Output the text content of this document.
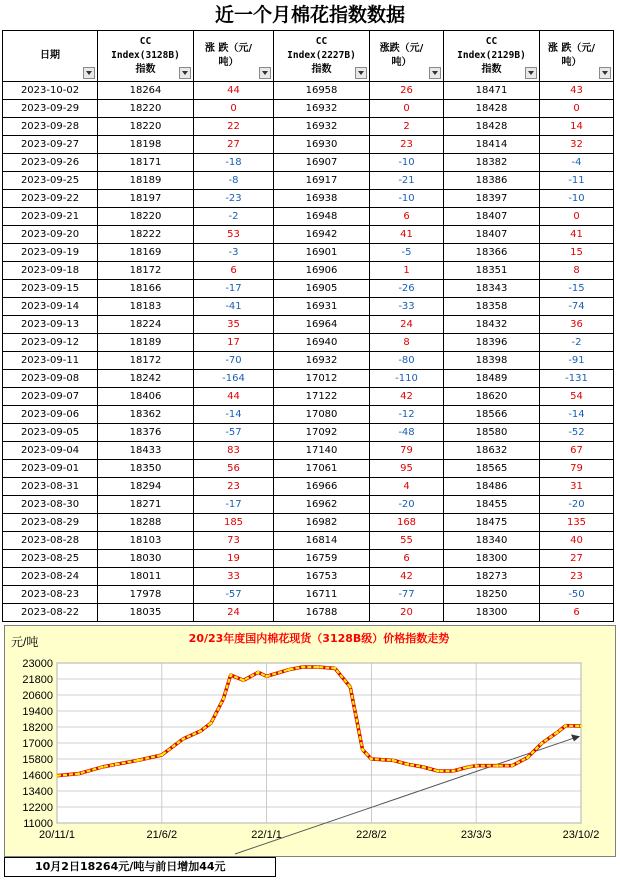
近一个月棉花指数数据
日期	CC
Index(3128B)
指数	涨 跌（元/吨）	CC
Index(2227B)
指数	涨跌（元/吨）	CC
Index(2129B)
指数	涨 跌（元/吨）

2023-10-02	18264	44	16958	26	18471	43
2023-09-29	18220	0	16932	0	18428	0
2023-09-28	18220	22	16932	2	18428	14
2023-09-27	18198	27	16930	23	18414	32
2023-09-26	18171	-18	16907	-10	18382	-4
2023-09-25	18189	-8	16917	-21	18386	-11
2023-09-22	18197	-23	16938	-10	18397	-10
2023-09-21	18220	-2	16948	6	18407	0
2023-09-20	18222	53	16942	41	18407	41
2023-09-19	18169	-3	16901	-5	18366	15
2023-09-18	18172	6	16906	1	18351	8
2023-09-15	18166	-17	16905	-26	18343	-15
2023-09-14	18183	-41	16931	-33	18358	-74
2023-09-13	18224	35	16964	24	18432	36
2023-09-12	18189	17	16940	8	18396	-2
2023-09-11	18172	-70	16932	-80	18398	-91
2023-09-08	18242	-164	17012	-110	18489	-131
2023-09-07	18406	44	17122	42	18620	54
2023-09-06	18362	-14	17080	-12	18566	-14
2023-09-05	18376	-57	17092	-48	18580	-52
2023-09-04	18433	83	17140	79	18632	67
2023-09-01	18350	56	17061	95	18565	79
2023-08-31	18294	23	16966	4	18486	31
2023-08-30	18271	-17	16962	-20	18455	-20
2023-08-29	18288	185	16982	168	18475	135
2023-08-28	18103	73	16814	55	18340	40
2023-08-25	18030	19	16759	6	18300	27
2023-08-24	18011	33	16753	42	18273	23
2023-08-23	17978	-57	16711	-77	18250	-50
2023-08-22	18035	24	16788	20	18300	6
11000
12200
13400
14600
15800
17000
18200
19400
20600
21800
23000
20/11/1	21/6/2	22/1/1	22/8/2	23/3/3	23/10/2
元/吨	20/23年度国内棉花现货（3128B级）价格指数走势
10月2日18264元/吨与前日增加44元
